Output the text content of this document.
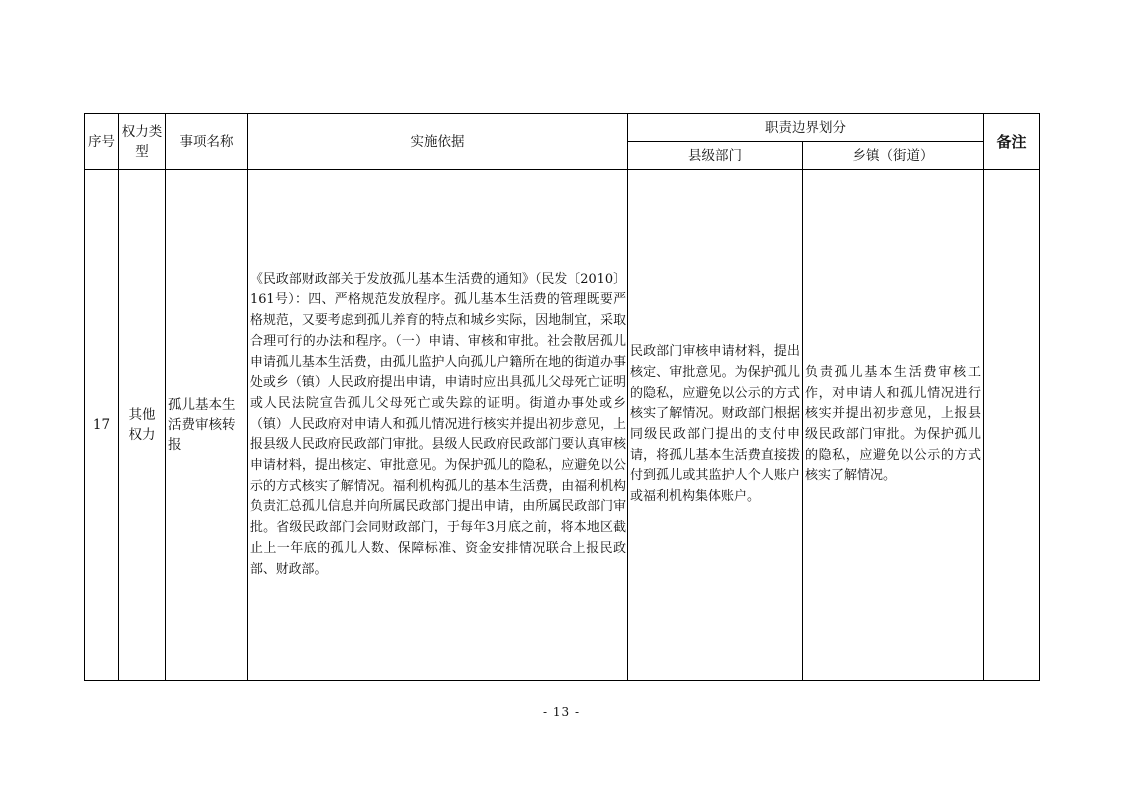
序号	权力类型	事项名称	实施依据	职责边界划分		备注
				县级部门	乡镇（街道）	
17	其他权力	孤儿基本生活费审核转报	《民政部财政部关于发放孤儿基本生活费的通知》（民发〔2010〕161号）：四、严格规范发放程序。孤儿基本生活费的管理既要严格规范，又要考虑到孤儿养育的特点和城乡实际，因地制宜，采取合理可行的办法和程序。（一）申请、审核和审批。社会散居孤儿申请孤儿基本生活费，由孤儿监护人向孤儿户籍所在地的街道办事处或乡（镇）人民政府提出申请，申请时应出具孤儿父母死亡证明或人民法院宣告孤儿父母死亡或失踪的证明。街道办事处或乡（镇）人民政府对申请人和孤儿情况进行核实并提出初步意见，上报县级人民政府民政部门审批。县级人民政府民政部门要认真审核申请材料，提出核定、审批意见。为保护孤儿的隐私，应避免以公示的方式核实了解情况。福利机构孤儿的基本生活费，由福利机构负责汇总孤儿信息并向所属民政部门提出申请，由所属民政部门审批。省级民政部门会同财政部门，于每年3月底之前，将本地区截止上一年底的孤儿人数、保障标准、资金安排情况联合上报民政部、财政部。	民政部门审核申请材料，提出核定、审批意见。为保护孤儿的隐私，应避免以公示的方式核实了解情况。财政部门根据同级民政部门提出的支付申请，将孤儿基本生活费直接拨付到孤儿或其监护人个人账户或福利机构集体账户。	负责孤儿基本生活费审核工作，对申请人和孤儿情况进行核实并提出初步意见，上报县级民政部门审批。为保护孤儿的隐私，应避免以公示的方式核实了解情况。	
- 13 -
